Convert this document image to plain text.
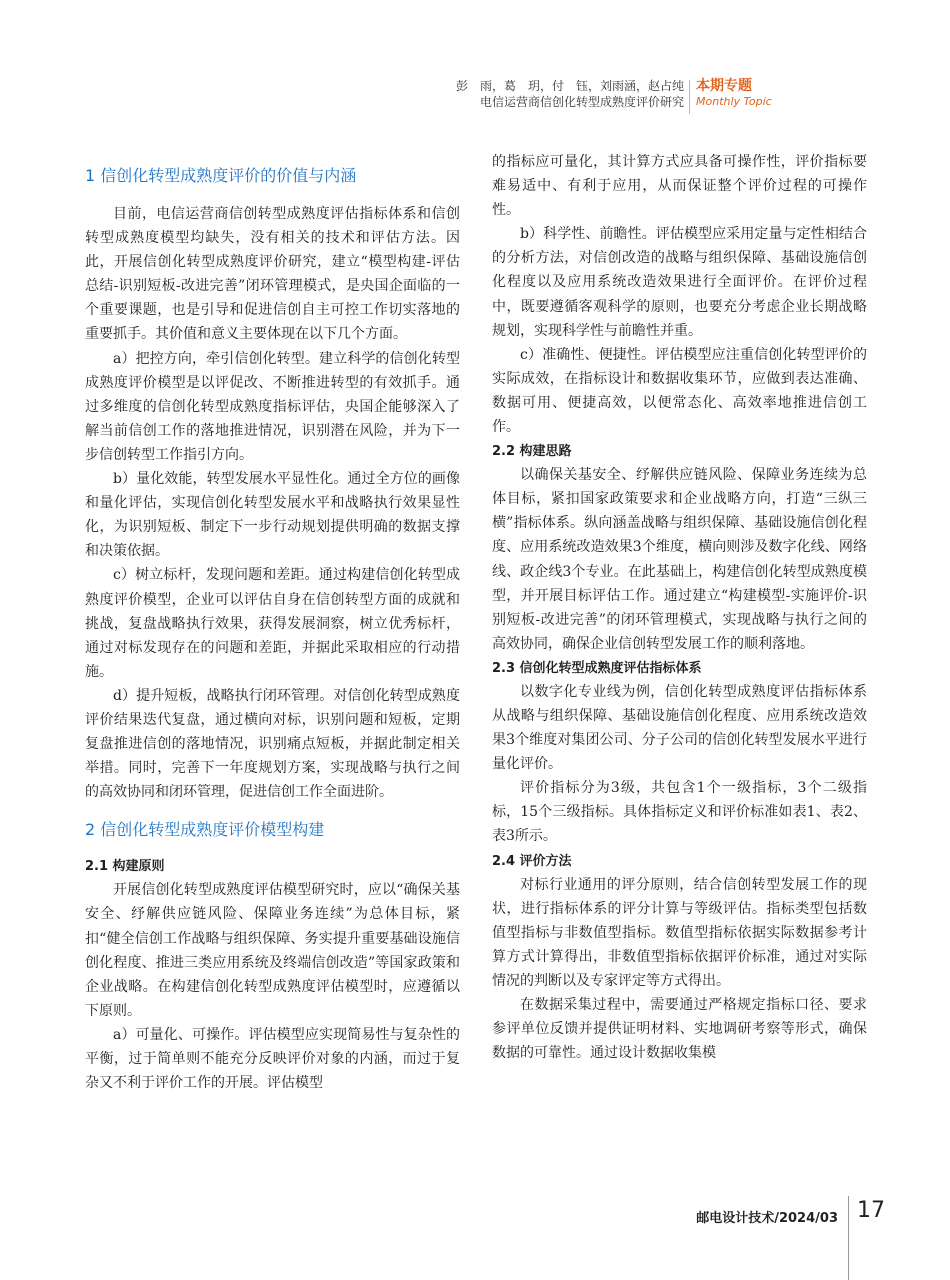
彭　雨，葛　玥，付　钰，刘雨涵，赵占纯
电信运营商信创化转型成熟度评价研究
本期专题
Monthly Topic
1 信创化转型成熟度评价的价值与内涵

目前，电信运营商信创转型成熟度评估指标体系和信创转型成熟度模型均缺失，没有相关的技术和评估方法。因此，开展信创化转型成熟度评价研究，建立“模型构建-评估总结-识别短板-改进完善”闭环管理模式，是央国企面临的一个重要课题，也是引导和促进信创自主可控工作切实落地的重要抓手。其价值和意义主要体现在以下几个方面。

a）把控方向，牵引信创化转型。建立科学的信创化转型成熟度评价模型是以评促改、不断推进转型的有效抓手。通过多维度的信创化转型成熟度指标评估，央国企能够深入了解当前信创工作的落地推进情况，识别潜在风险，并为下一步信创转型工作指引方向。

b）量化效能，转型发展水平显性化。通过全方位的画像和量化评估，实现信创化转型发展水平和战略执行效果显性化，为识别短板、制定下一步行动规划提供明确的数据支撑和决策依据。

c）树立标杆，发现问题和差距。通过构建信创化转型成熟度评价模型，企业可以评估自身在信创转型方面的成就和挑战，复盘战略执行效果，获得发展洞察，树立优秀标杆，通过对标发现存在的问题和差距，并据此采取相应的行动措施。

d）提升短板，战略执行闭环管理。对信创化转型成熟度评价结果迭代复盘，通过横向对标，识别问题和短板，定期复盘推进信创的落地情况，识别痛点短板，并据此制定相关举措。同时，完善下一年度规划方案，实现战略与执行之间的高效协同和闭环管理，促进信创工作全面进阶。

2 信创化转型成熟度评价模型构建
2.1 构建原则

开展信创化转型成熟度评估模型研究时，应以“确保关基安全、纾解供应链风险、保障业务连续”为总体目标，紧扣“健全信创工作战略与组织保障、务实提升重要基础设施信创化程度、推进三类应用系统及终端信创改造”等国家政策和企业战略。在构建信创化转型成熟度评估模型时，应遵循以下原则。

a）可量化、可操作。评估模型应实现简易性与复杂性的平衡，过于简单则不能充分反映评价对象的内涵，而过于复杂又不利于评价工作的开展。评估模型

的指标应可量化，其计算方式应具备可操作性，评价指标要难易适中、有利于应用，从而保证整个评价过程的可操作性。

b）科学性、前瞻性。评估模型应采用定量与定性相结合的分析方法，对信创改造的战略与组织保障、基础设施信创化程度以及应用系统改造效果进行全面评价。在评价过程中，既要遵循客观科学的原则，也要充分考虑企业长期战略规划，实现科学性与前瞻性并重。

c）准确性、便捷性。评估模型应注重信创化转型评价的实际成效，在指标设计和数据收集环节，应做到表达准确、数据可用、便捷高效，以便常态化、高效率地推进信创工作。

2.2 构建思路

以确保关基安全、纾解供应链风险、保障业务连续为总体目标，紧扣国家政策要求和企业战略方向，打造“三纵三横”指标体系。纵向涵盖战略与组织保障、基础设施信创化程度、应用系统改造效果3个维度，横向则涉及数字化线、网络线、政企线3个专业。在此基础上，构建信创化转型成熟度模型，并开展目标评估工作。通过建立“构建模型-实施评价-识别短板-改进完善”的闭环管理模式，实现战略与执行之间的高效协同，确保企业信创转型发展工作的顺利落地。

2.3 信创化转型成熟度评估指标体系

以数字化专业线为例，信创化转型成熟度评估指标体系从战略与组织保障、基础设施信创化程度、应用系统改造效果3个维度对集团公司、分子公司的信创化转型发展水平进行量化评价。

评价指标分为3级，共包含1个一级指标，3个二级指标，15个三级指标。具体指标定义和评价标准如表1、表2、表3所示。

2.4 评价方法

对标行业通用的评分原则，结合信创转型发展工作的现状，进行指标体系的评分计算与等级评估。指标类型包括数值型指标与非数值型指标。数值型指标依据实际数据参考计算方式计算得出，非数值型指标依据评价标准，通过对实际情况的判断以及专家评定等方式得出。

在数据采集过程中，需要通过严格规定指标口径、要求参评单位反馈并提供证明材料、实地调研考察等形式，确保数据的可靠性。通过设计数据收集模

邮电设计技术/2024/03 17
